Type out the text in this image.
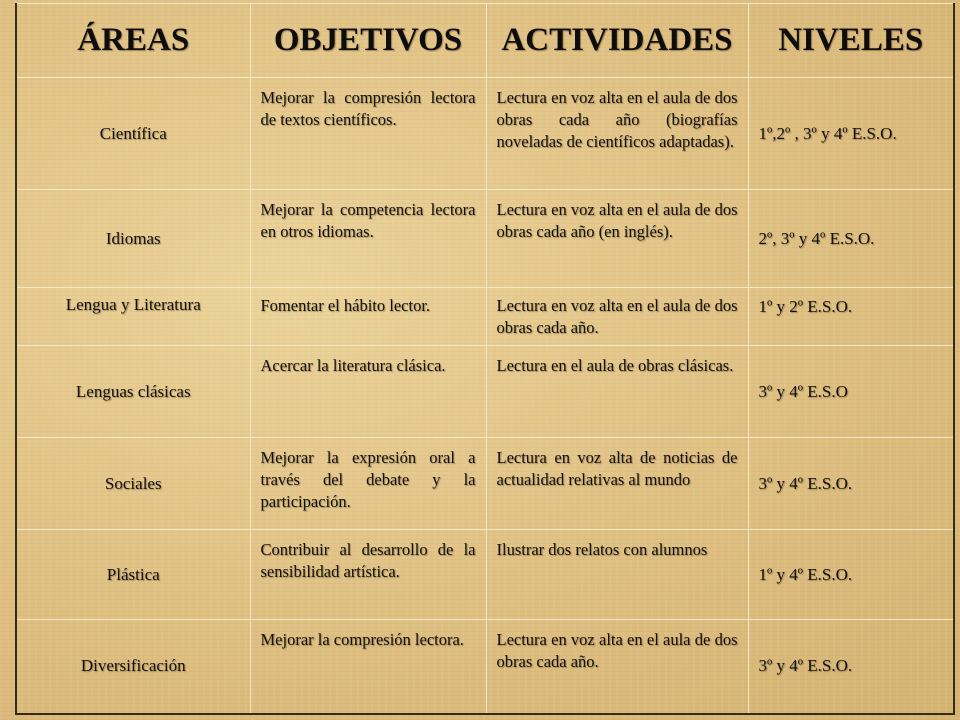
ÁREAS	OBJETIVOS	ACTIVIDADES	NIVELES
Científica	Mejorar la compresión lectora de textos científicos.	Lectura en voz alta en el aula de dos obras cada año (biografías noveladas de científicos adaptadas).	1º,2º , 3º y 4º E.S.O.
Idiomas	Mejorar la competencia lectora en otros idiomas.	Lectura en voz alta en el aula de dos obras cada año (en inglés).	2º, 3º y 4º E.S.O.
Lengua y Literatura	Fomentar el hábito lector.	Lectura en voz alta en el aula de dos obras cada año.	1º y 2º E.S.O.
Lenguas clásicas	Acercar la literatura clásica.	Lectura en el aula de obras clásicas.	3º y 4º E.S.O
Sociales	Mejorar la expresión oral a través del debate y la participación.	Lectura en voz alta de noticias de actualidad relativas al mundo	3º y 4º E.S.O.
Plástica	Contribuir al desarrollo de la sensibilidad artística.	Ilustrar dos relatos con alumnos	1º y 4º E.S.O.
Diversificación	Mejorar la compresión lectora.	Lectura en voz alta en el aula de dos obras cada año.	3º y 4º E.S.O.
